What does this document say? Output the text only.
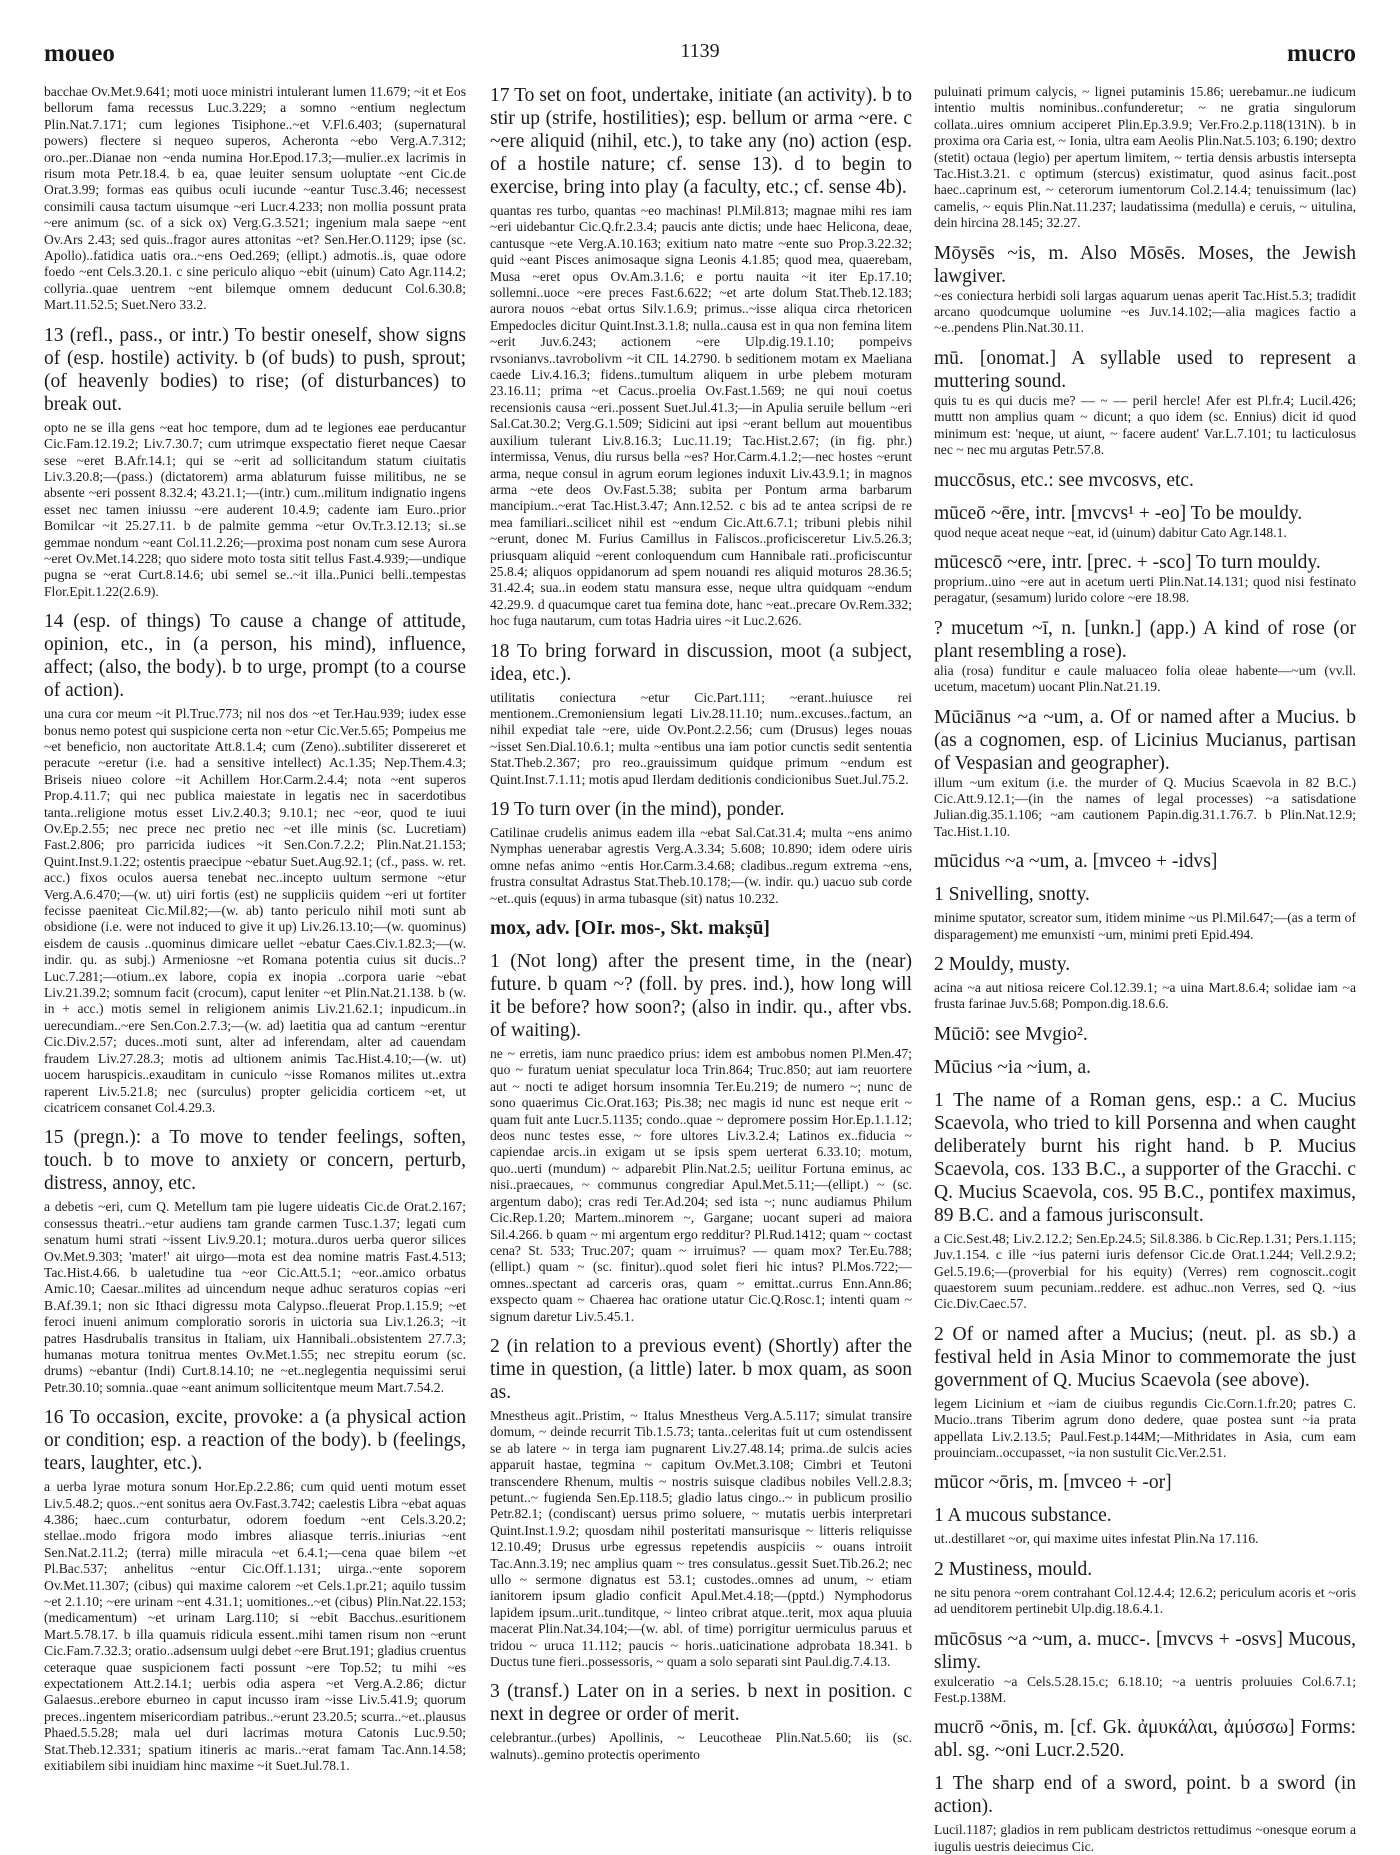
moueo	1139	mucro

bacchae Ov.Met.9.641; moti uoce ministri intulerant lumen 11.679; ~it et Eos bellorum fama recessus Luc.3.229; a somno ~entium neglectum Plin.Nat.7.171; cum legiones Tisiphone..~et V.Fl.6.403; (supernatural powers) flectere si nequeo superos, Acheronta ~ebo Verg.A.7.312; oro..per..Dianae non ~enda numina Hor.Epod.17.3;—mulier..ex lacrimis in risum mota Petr.18.4. b ea, quae leuiter sensum uoluptate ~ent Cic.de Orat.3.99; formas eas quibus oculi iucunde ~eantur Tusc.3.46; necessest consimili causa tactum uisumque ~eri Lucr.4.233; non mollia possunt prata ~ere animum (sc. of a sick ox) Verg.G.3.521; ingenium mala saepe ~ent Ov.Ars 2.43; sed quis..fragor aures attonitas ~et? Sen.Her.O.1129; ipse (sc. Apollo)..fatidica uatis ora..~ens Oed.269; (ellipt.) admotis..is, quae odore foedo ~ent Cels.3.20.1. c sine periculo aliquo ~ebit (uinum) Cato Agr.114.2; collyria..quae uentrem ~ent bilemque omnem deducunt Col.6.30.8; Mart.11.52.5; Suet.Nero 33.2.

13 (refl., pass., or intr.) To bestir oneself, show signs of (esp. hostile) activity. b (of buds) to push, sprout; (of heavenly bodies) to rise; (of disturbances) to break out.

opto ne se illa gens ~eat hoc tempore, dum ad te legiones eae perducantur Cic.Fam.12.19.2; Liv.7.30.7; cum utrimque exspectatio fieret neque Caesar sese ~eret B.Afr.14.1; qui se ~erit ad sollicitandum statum ciuitatis Liv.3.20.8;—(pass.) (dictatorem) arma ablaturum fuisse militibus, ne se absente ~eri possent 8.32.4; 43.21.1;—(intr.) cum..militum indignatio ingens esset nec tamen iniussu ~ere auderent 10.4.9; cadente iam Euro..prior Bomilcar ~it 25.27.11. b de palmite gemma ~etur Ov.Tr.3.12.13; si..se gemmae nondum ~eant Col.11.2.26;—proxima post nonam cum sese Aurora ~eret Ov.Met.14.228; quo sidere moto tosta sitit tellus Fast.4.939;—undique pugna se ~erat Curt.8.14.6; ubi semel se..~it illa..Punici belli..tempestas Flor.Epit.1.22(2.6.9).

14 (esp. of things) To cause a change of attitude, opinion, etc., in (a person, his mind), influence, affect; (also, the body). b to urge, prompt (to a course of action).

una cura cor meum ~it Pl.Truc.773; nil nos dos ~et Ter.Hau.939; iudex esse bonus nemo potest qui suspicione certa non ~etur Cic.Ver.5.65; Pompeius me ~et beneficio, non auctoritate Att.8.1.4; cum (Zeno)..subtiliter dissereret et peracute ~eretur (i.e. had a sensitive intellect) Ac.1.35; Nep.Them.4.3; Briseis niueo colore ~it Achillem Hor.Carm.2.4.4; nota ~ent superos Prop.4.11.7; qui nec publica maiestate in legatis nec in sacerdotibus tanta..religione motus esset Liv.2.40.3; 9.10.1; nec ~eor, quod te iuui Ov.Ep.2.55; nec prece nec pretio nec ~et ille minis (sc. Lucretiam) Fast.2.806; pro parricida iudices ~it Sen.Con.7.2.2; Plin.Nat.21.153; Quint.Inst.9.1.22; ostentis praecipue ~ebatur Suet.Aug.92.1; (cf., pass. w. ret. acc.) fixos oculos auersa tenebat nec..incepto uultum sermone ~etur Verg.A.6.470;—(w. ut) uiri fortis (est) ne suppliciis quidem ~eri ut fortiter fecisse paeniteat Cic.Mil.82;—(w. ab) tanto periculo nihil moti sunt ab obsidione (i.e. were not induced to give it up) Liv.26.13.10;—(w. quominus) eisdem de causis ..quominus dimicare uellet ~ebatur Caes.Civ.1.82.3;—(w. indir. qu. as subj.) Armeniosne ~et Romana potentia cuius sit ducis..? Luc.7.281;—otium..ex labore, copia ex inopia ..corpora uarie ~ebat Liv.21.39.2; somnum facit (crocum), caput leniter ~et Plin.Nat.21.138. b (w. in + acc.) motis semel in religionem animis Liv.21.62.1; inpudicum..in uerecundiam..~ere Sen.Con.2.7.3;—(w. ad) laetitia qua ad cantum ~erentur Cic.Div.2.57; duces..moti sunt, alter ad inferendam, alter ad cauendam fraudem Liv.27.28.3; motis ad ultionem animis Tac.Hist.4.10;—(w. ut) uocem haruspicis..exauditam in cuniculo ~isse Romanos milites ut..extra raperent Liv.5.21.8; nec (surculus) propter gelicidia corticem ~et, ut cicatricem consanet Col.4.29.3.

15 (pregn.): a To move to tender feelings, soften, touch. b to move to anxiety or concern, perturb, distress, annoy, etc.

a debetis ~eri, cum Q. Metellum tam pie lugere uideatis Cic.de Orat.2.167; consessus theatri..~etur audiens tam grande carmen Tusc.1.37; legati cum senatum humi strati ~issent Liv.9.20.1; motura..duros uerba queror silices Ov.Met.9.303; 'mater!' ait uirgo—mota est dea nomine matris Fast.4.513; Tac.Hist.4.66. b ualetudine tua ~eor Cic.Att.5.1; ~eor..amico orbatus Amic.10; Caesar..milites ad uincendum neque adhuc seraturos copias ~eri B.Af.39.1; non sic Ithaci digressu mota Calypso..fleuerat Prop.1.15.9; ~et feroci inueni animum comploratio sororis in uictoria sua Liv.1.26.3; ~it patres Hasdrubalis transitus in Italiam, uix Hannibali..obsistentem 27.7.3; humanas motura tonitrua mentes Ov.Met.1.55; nec strepitu eorum (sc. drums) ~ebantur (Indi) Curt.8.14.10; ne ~et..neglegentia nequissimi serui Petr.30.10; somnia..quae ~eant animum sollicitentque meum Mart.7.54.2.

16 To occasion, excite, provoke: a (a physical action or condition; esp. a reaction of the body). b (feelings, tears, laughter, etc.).

a uerba lyrae motura sonum Hor.Ep.2.2.86; cum quid uenti motum esset Liv.5.48.2; quos..~ent sonitus aera Ov.Fast.3.742; caelestis Libra ~ebat aquas 4.386; haec..cum conturbatur, odorem foedum ~ent Cels.3.20.2; stellae..modo frigora modo imbres aliasque terris..iniurias ~ent Sen.Nat.2.11.2; (terra) mille miracula ~et 6.4.1;—cena quae bilem ~et Pl.Bac.537; anhelitus ~entur Cic.Off.1.131; uirga..~ente soporem Ov.Met.11.307; (cibus) qui maxime calorem ~et Cels.1.pr.21; aquilo tussim ~et 2.1.10; ~ere urinam ~ent 4.31.1; uomitiones..~et (cibus) Plin.Nat.22.153; (medicamentum) ~et urinam Larg.110; si ~ebit Bacchus..esuritionem Mart.5.78.17. b illa quamuis ridicula essent..mihi tamen risum non ~erunt Cic.Fam.7.32.3; oratio..adsensum uulgi debet ~ere Brut.191; gladius cruentus ceteraque quae suspicionem facti possunt ~ere Top.52; tu mihi ~es expectationem Att.2.14.1; uerbis odia aspera ~et Verg.A.2.86; dictur Galaesus..erebore eburneo in caput incusso iram ~isse Liv.5.41.9; quorum preces..ingentem misericordiam patribus..~erunt 23.20.5; scurra..~et..plausus Phaed.5.5.28; mala uel duri lacrimas motura Catonis Luc.9.50; Stat.Theb.12.331; spatium itineris ac maris..~erat famam Tac.Ann.14.58; exitiabilem sibi inuidiam hinc maxime ~it Suet.Jul.78.1.

17 To set on foot, undertake, initiate (an activity). b to stir up (strife, hostilities); esp. bellum or arma ~ere. c ~ere aliquid (nihil, etc.), to take any (no) action (esp. of a hostile nature; cf. sense 13). d to begin to exercise, bring into play (a faculty, etc.; cf. sense 4b).

quantas res turbo, quantas ~eo machinas! Pl.Mil.813; magnae mihi res iam ~eri uidebantur Cic.Q.fr.2.3.4; paucis ante dictis; unde haec Helicona, deae, cantusque ~ete Verg.A.10.163; exitium nato matre ~ente suo Prop.3.22.32; quid ~eant Pisces animosaque signa Leonis 4.1.85; quod mea, quaerebam, Musa ~eret opus Ov.Am.3.1.6; e portu nauita ~it iter Ep.17.10; sollemni..uoce ~ere preces Fast.6.622; ~et arte dolum Stat.Theb.12.183; aurora nouos ~ebat ortus Silv.1.6.9; primus..~isse aliqua circa rhetoricen Empedocles dicitur Quint.Inst.3.1.8; nulla..causa est in qua non femina litem ~erit Juv.6.243; actionem ~ere Ulp.dig.19.1.10; pompeivs rvsonianvs..tavrobolivm ~it CIL 14.2790. b seditionem motam ex Maeliana caede Liv.4.16.3; fidens..tumultum aliquem in urbe plebem moturam 23.16.11; prima ~et Cacus..proelia Ov.Fast.1.569; ne qui noui coetus recensionis causa ~eri..possent Suet.Jul.41.3;—in Apulia seruile bellum ~eri Sal.Cat.30.2; Verg.G.1.509; Sidicini aut ipsi ~erant bellum aut mouentibus auxilium tulerant Liv.8.16.3; Luc.11.19; Tac.Hist.2.67; (in fig. phr.) intermissa, Venus, diu rursus bella ~es? Hor.Carm.4.1.2;—nec hostes ~erunt arma, neque consul in agrum eorum legiones induxit Liv.43.9.1; in magnos arma ~ete deos Ov.Fast.5.38; subita per Pontum arma barbarum mancipium..~erat Tac.Hist.3.47; Ann.12.52. c bis ad te antea scripsi de re mea familiari..scilicet nihil est ~endum Cic.Att.6.7.1; tribuni plebis nihil ~erunt, donec M. Furius Camillus in Faliscos..proficisceretur Liv.5.26.3; priusquam aliquid ~erent conloquendum cum Hannibale rati..proficiscuntur 25.8.4; aliquos oppidanorum ad spem nouandi res aliquid moturos 28.36.5; 31.42.4; sua..in eodem statu mansura esse, neque ultra quidquam ~endum 42.29.9. d quacumque caret tua femina dote, hanc ~eat..precare Ov.Rem.332; hoc fuga nautarum, cum totas Hadria uires ~it Luc.2.626.

18 To bring forward in discussion, moot (a subject, idea, etc.).

utilitatis coniectura ~etur Cic.Part.111; ~erant..huiusce rei mentionem..Cremoniensium legati Liv.28.11.10; num..excuses..factum, an nihil expediat tale ~ere, uide Ov.Pont.2.2.56; cum (Drusus) leges nouas ~isset Sen.Dial.10.6.1; multa ~entibus una iam potior cunctis sedit sententia Stat.Theb.2.367; pro reo..grauissimum quidque primum ~endum est Quint.Inst.7.1.11; motis apud Ilerdam deditionis condicionibus Suet.Jul.75.2.

19 To turn over (in the mind), ponder.

Catilinae crudelis animus eadem illa ~ebat Sal.Cat.31.4; multa ~ens animo Nymphas uenerabar agrestis Verg.A.3.34; 5.608; 10.890; idem odere uiris omne nefas animo ~entis Hor.Carm.3.4.68; cladibus..regum extrema ~ens, frustra consultat Adrastus Stat.Theb.10.178;—(w. indir. qu.) uacuo sub corde ~et..quis (equus) in arma tubasque (sit) natus 10.232.

mox, adv. [OIr. mos-, Skt. makṣū]

1 (Not long) after the present time, in the (near) future. b quam ~? (foll. by pres. ind.), how long will it be before? how soon?; (also in indir. qu., after vbs. of waiting).

ne ~ erretis, iam nunc praedico prius: idem est ambobus nomen Pl.Men.47; quo ~ furatum ueniat speculatur loca Trin.864; Truc.850; aut iam reuortere aut ~ nocti te adiget horsum insomnia Ter.Eu.219; de numero ~; nunc de sono quaerimus Cic.Orat.163; Pis.38; nec magis id nunc est neque erit ~ quam fuit ante Lucr.5.1135; condo..quae ~ depromere possim Hor.Ep.1.1.12; deos nunc testes esse, ~ fore ultores Liv.3.2.4; Latinos ex..fiducia ~ capiendae arcis..in exigam ut se ipsis spem uerterat 6.33.10; motum, quo..uerti (mundum) ~ adparebit Plin.Nat.2.5; ueilitur Fortuna eminus, ac nisi..praecaues, ~ communus congrediar Apul.Met.5.11;—(ellipt.) ~ (sc. argentum dabo); cras redi Ter.Ad.204; sed ista ~; nunc audiamus Philum Cic.Rep.1.20; Martem..minorem ~, Gargane; uocant superi ad maiora Sil.4.266. b quam ~ mi argentum ergo redditur? Pl.Rud.1412; quam ~ coctast cena? St. 533; Truc.207; quam ~ irruimus? — quam mox? Ter.Eu.788; (ellipt.) quam ~ (sc. finitur)..quod solet fieri hic intus? Pl.Mos.722;—omnes..spectant ad carceris oras, quam ~ emittat..currus Enn.Ann.86; exspecto quam ~ Chaerea hac oratione utatur Cic.Q.Rosc.1; intenti quam ~ signum daretur Liv.5.45.1.

2 (in relation to a previous event) (Shortly) after the time in question, (a little) later. b mox quam, as soon as.

Mnestheus agit..Pristim, ~ Italus Mnestheus Verg.A.5.117; simulat transire domum, ~ deinde recurrit Tib.1.5.73; tanta..celeritas fuit ut cum ostendissent se ab latere ~ in terga iam pugnarent Liv.27.48.14; prima..de sulcis acies apparuit hastae, tegmina ~ capitum Ov.Met.3.108; Cimbri et Teutoni transcendere Rhenum, multis ~ nostris suisque cladibus nobiles Vell.2.8.3; petunt..~ fugienda Sen.Ep.118.5; gladio latus cingo..~ in publicum prosilio Petr.82.1; (condiscant) uersus primo soluere, ~ mutatis uerbis interpretari Quint.Inst.1.9.2; quosdam nihil posteritati mansurisque ~ litteris reliquisse 12.10.49; Drusus urbe egressus repetendis auspiciis ~ ouans introiit Tac.Ann.3.19; nec amplius quam ~ tres consulatus..gessit Suet.Tib.26.2; nec ullo ~ sermone dignatus est 53.1; custodes..omnes ad unum, ~ etiam ianitorem ipsum gladio conficit Apul.Met.4.18;—(pptd.) Nymphodorus lapidem ipsum..urit..tunditque, ~ linteo cribrat atque..terit, mox aqua pluuia macerat Plin.Nat.34.104;—(w. abl. of time) porrigitur uermiculus paruus et tridou ~ uruca 11.112; paucis ~ horis..uaticinatione adprobata 18.341. b Ductus tune fieri..possessoris, ~ quam a solo separati sint Paul.dig.7.4.13.

3 (transf.) Later on in a series. b next in position. c next in degree or order of merit.

celebrantur..(urbes) Apollinis, ~ Leucotheae Plin.Nat.5.60; iis (sc. walnuts)..gemino protectis operimento

puluinati primum calycis, ~ lignei putaminis 15.86; uerebamur..ne iudicum intentio multis nominibus..confunderetur; ~ ne gratia singulorum collata..uires omnium acciperet Plin.Ep.3.9.9; Ver.Fro.2.p.118(131N). b in proxima ora Caria est, ~ Ionia, ultra eam Aeolis Plin.Nat.5.103; 6.190; dextro (stetit) octaua (legio) per apertum limitem, ~ tertia densis arbustis intersepta Tac.Hist.3.21. c optimum (stercus) existimatur, quod asinus facit..post haec..caprinum est, ~ ceterorum iumentorum Col.2.14.4; tenuissimum (lac) camelis, ~ equis Plin.Nat.11.237; laudatissima (medulla) e ceruis, ~ uitulina, dein hircina 28.145; 32.27.

Mōysēs ~is, m. Also Mōsēs. Moses, the Jewish lawgiver.

~es coniectura herbidi soli largas aquarum uenas aperit Tac.Hist.5.3; tradidit arcano quodcumque uolumine ~es Juv.14.102;—alia magices factio a ~e..pendens Plin.Nat.30.11.

mū. [onomat.] A syllable used to represent a muttering sound.

quis tu es qui ducis me? — ~ — peril hercle! Afer est Pl.fr.4; Lucil.426; muttt non amplius quam ~ dicunt; a quo idem (sc. Ennius) dicit id quod minimum est: 'neque, ut aiunt, ~ facere audent' Var.L.7.101; tu lacticulosus nec ~ nec mu argutas Petr.57.8.

muccōsus, etc.: see mvcosvs, etc.

mūceō ~ēre, intr. [mvcvs¹ + -eo] To be mouldy.

quod neque aceat neque ~eat, id (uinum) dabitur Cato Agr.148.1.

mūcescō ~ere, intr. [prec. + -sco] To turn mouldy.

proprium..uino ~ere aut in acetum uerti Plin.Nat.14.131; quod nisi festinato peragatur, (sesamum) lurido colore ~ere 18.98.

? mucetum ~ī, n. [unkn.] (app.) A kind of rose (or plant resembling a rose).

alia (rosa) funditur e caule maluaceo folia oleae habente—~um (vv.ll. ucetum, macetum) uocant Plin.Nat.21.19.

Mūciānus ~a ~um, a. Of or named after a Mucius. b (as a cognomen, esp. of Licinius Mucianus, partisan of Vespasian and geographer).

illum ~um exitum (i.e. the murder of Q. Mucius Scaevola in 82 B.C.) Cic.Att.9.12.1;—(in the names of legal processes) ~a satisdatione Julian.dig.35.1.106; ~am cautionem Papin.dig.31.1.76.7. b Plin.Nat.12.9; Tac.Hist.1.10.

mūcidus ~a ~um, a. [mvceo + -idvs]

1 Snivelling, snotty.

minime sputator, screator sum, itidem minime ~us Pl.Mil.647;—(as a term of disparagement) me emunxisti ~um, minimi preti Epid.494.

2 Mouldy, musty.

acina ~a aut nitiosa reicere Col.12.39.1; ~a uina Mart.8.6.4; solidae iam ~a frusta farinae Juv.5.68; Pompon.dig.18.6.6.

Mūciō: see Mvgio².

Mūcius ~ia ~ium, a.

1 The name of a Roman gens, esp.: a C. Mucius Scaevola, who tried to kill Porsenna and when caught deliberately burnt his right hand. b P. Mucius Scaevola, cos. 133 B.C., a supporter of the Gracchi. c Q. Mucius Scaevola, cos. 95 B.C., pontifex maximus, 89 B.C. and a famous jurisconsult.

a Cic.Sest.48; Liv.2.12.2; Sen.Ep.24.5; Sil.8.386. b Cic.Rep.1.31; Pers.1.115; Juv.1.154. c ille ~ius paterni iuris defensor Cic.de Orat.1.244; Vell.2.9.2; Gel.5.19.6;—(proverbial for his equity) (Verres) rem cognoscit..cogit quaestorem suum pecuniam..reddere. est adhuc..non Verres, sed Q. ~ius Cic.Div.Caec.57.

2 Of or named after a Mucius; (neut. pl. as sb.) a festival held in Asia Minor to commemorate the just government of Q. Mucius Scaevola (see above).

legem Licinium et ~iam de ciuibus regundis Cic.Corn.1.fr.20; patres C. Mucio..trans Tiberim agrum dono dedere, quae postea sunt ~ia prata appellata Liv.2.13.5; Paul.Fest.p.144M;—Mithridates in Asia, cum eam prouinciam..occupasset, ~ia non sustulit Cic.Ver.2.51.

mūcor ~ōris, m. [mvceo + -or]

1 A mucous substance.

ut..destillaret ~or, qui maxime uites infestat Plin.Na 17.116.

2 Mustiness, mould.

ne situ penora ~orem contrahant Col.12.4.4; 12.6.2; periculum acoris et ~oris ad uenditorem pertinebit Ulp.dig.18.6.4.1.

mūcōsus ~a ~um, a. mucc-. [mvcvs + -osvs] Mucous, slimy.

exulceratio ~a Cels.5.28.15.c; 6.18.10; ~a uentris proluuies Col.6.7.1; Fest.p.138M.

mucrō ~ōnis, m. [cf. Gk. ἀμυκάλαι, ἀμύσσω] Forms: abl. sg. ~oni Lucr.2.520.

1 The sharp end of a sword, point. b a sword (in action).

Lucil.1187; gladios in rem publicam destrictos rettudimus ~onesque eorum a iugulis uestris deiecimus Cic.
